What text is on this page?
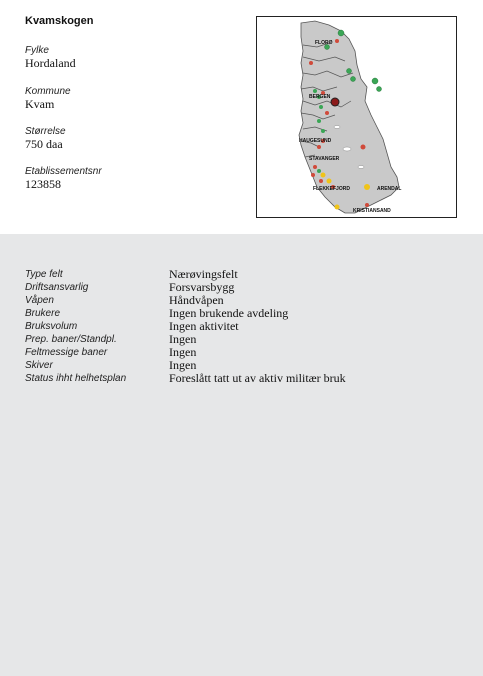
Kvamskogen
Fylke
Hordaland
Kommune
Kvam
Størrelse
750 daa
Etablissementsnr
123858
FLORØ
BERGEN
HAUGESUND
STAVANGER
FLEKKEFJORD	ARENDAL
KRISTIANSAND
Type felt	Nærøvingsfelt
Driftsansvarlig	Forsvarsbygg
Våpen	Håndvåpen
Brukere	Ingen brukende avdeling
Bruksvolum	Ingen aktivitet
Prep. baner/Standpl.	Ingen
Feltmessige baner	Ingen
Skiver	Ingen
Status ihht helhetsplan	Foreslått tatt ut av aktiv militær bruk
